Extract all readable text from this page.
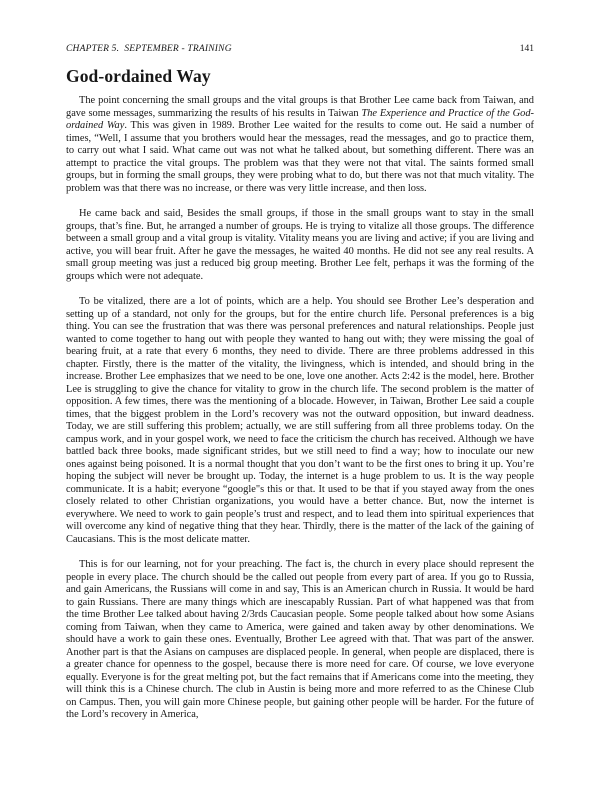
CHAPTER 5.  SEPTEMBER - TRAINING	141
God-ordained Way

The point concerning the small groups and the vital groups is that Brother Lee came back from Taiwan, and gave some messages, summarizing the results of his results in Taiwan The Experience and Practice of the God-ordained Way. This was given in 1989. Brother Lee waited for the results to come out. He said a number of times, “Well, I assume that you brothers would hear the messages, read the messages, and go to practice them, to carry out what I said. What came out was not what he talked about, but something different. There was an attempt to practice the vital groups. The problem was that they were not that vital. The saints formed small groups, but in forming the small groups, they were probing what to do, but there was not that much vitality. The problem was that there was no increase, or there was very little increase, and then loss.

He came back and said, Besides the small groups, if those in the small groups want to stay in the small groups, that’s fine. But, he arranged a number of groups. He is trying to vitalize all those groups. The difference between a small group and a vital group is vitality. Vitality means you are living and active; if you are living and active, you will bear fruit. After he gave the messages, he waited 40 months. He did not see any real results. A small group meeting was just a reduced big group meeting. Brother Lee felt, perhaps it was the forming of the groups which were not adequate.

To be vitalized, there are a lot of points, which are a help. You should see Brother Lee’s desperation and setting up of a standard, not only for the groups, but for the entire church life. Personal preferences is a big thing. You can see the frustration that was there was personal preferences and natural relationships. People just wanted to come together to hang out with people they wanted to hang out with; they were missing the goal of bearing fruit, at a rate that every 6 months, they need to divide. There are three problems addressed in this chapter. Firstly, there is the matter of the vitality, the livingness, which is intended, and should bring in the increase. Brother Lee emphasizes that we need to be one, love one another. Acts 2:42 is the model, here. Brother Lee is struggling to give the chance for vitality to grow in the church life. The second problem is the matter of opposition. A few times, there was the mentioning of a blocade. However, in Taiwan, Brother Lee said a couple times, that the biggest problem in the Lord’s recovery was not the outward opposition, but inward deadness. Today, we are still suffering this problem; actually, we are still suffering from all three problems today. On the campus work, and in your gospel work, we need to face the criticism the church has received. Although we have battled back three books, made significant strides, but we still need to find a way; how to inoculate our new ones against being poisoned. It is a normal thought that you don’t want to be the first ones to bring it up. You’re hoping the subject will never be brought up. Today, the internet is a huge problem to us. It is the way people communicate. It is a habit; everyone “google"s this or that. It used to be that if you stayed away from the ones closely related to other Christian organizations, you would have a better chance. But, now the internet is everywhere. We need to work to gain people’s trust and respect, and to lead them into spiritual experiences that will overcome any kind of negative thing that they hear. Thirdly, there is the matter of the lack of the gaining of Caucasians. This is the most delicate matter.

This is for our learning, not for your preaching. The fact is, the church in every place should represent the people in every place. The church should be the called out people from every part of area. If you go to Russia, and gain Americans, the Russians will come in and say, This is an American church in Russia. It would be hard to gain Russians. There are many things which are inescapably Russian. Part of what happened was that from the time Brother Lee talked about having 2/3rds Caucasian people. Some people talked about how some Asians coming from Taiwan, when they came to America, were gained and taken away by other denominations. We should have a work to gain these ones. Eventually, Brother Lee agreed with that. That was part of the answer. Another part is that the Asians on campuses are displaced people. In general, when people are displaced, there is a greater chance for openness to the gospel, because there is more need for care. Of course, we love everyone equally. Everyone is for the great melting pot, but the fact remains that if Americans come into the meeting, they will think this is a Chinese church. The club in Austin is being more and more referred to as the Chinese Club on Campus. Then, you will gain more Chinese people, but gaining other people will be harder. For the future of the Lord’s recovery in America,
